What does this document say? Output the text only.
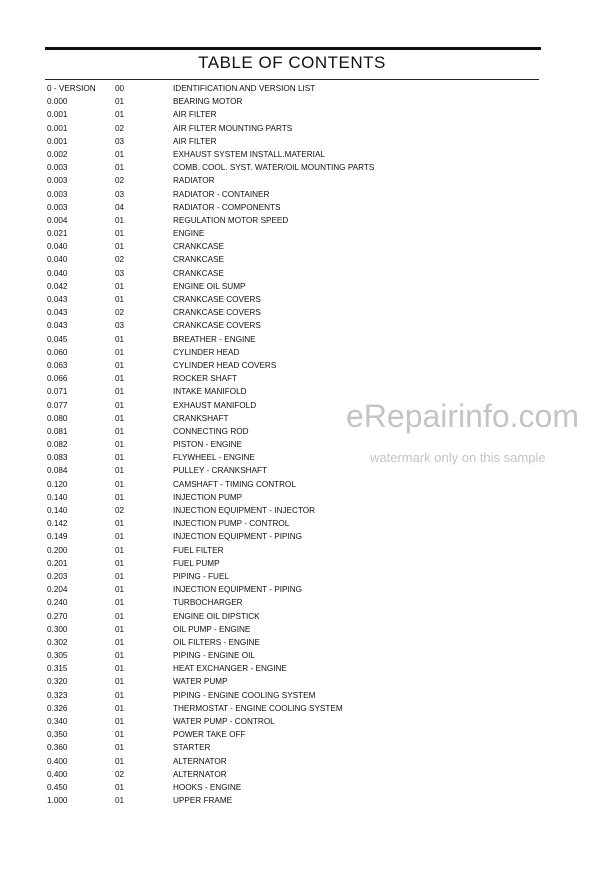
TABLE OF CONTENTS
0 - VERSION	00	IDENTIFICATION AND VERSION LIST
0.000	01	BEARING MOTOR
0.001	01	AIR FILTER
0.001	02	AIR FILTER MOUNTING PARTS
0.001	03	AIR FILTER
0.002	01	EXHAUST SYSTEM INSTALL.MATERIAL
0.003	01	COMB. COOL. SYST. WATER/OIL MOUNTING PARTS
0.003	02	RADIATOR
0.003	03	RADIATOR - CONTAINER
0.003	04	RADIATOR - COMPONENTS
0.004	01	REGULATION MOTOR SPEED
0.021	01	ENGINE
0.040	01	CRANKCASE
0.040	02	CRANKCASE
0.040	03	CRANKCASE
0.042	01	ENGINE OIL SUMP
0.043	01	CRANKCASE COVERS
0.043	02	CRANKCASE COVERS
0.043	03	CRANKCASE COVERS
0.045	01	BREATHER - ENGINE
0.060	01	CYLINDER HEAD
0.063	01	CYLINDER HEAD COVERS
0.066	01	ROCKER SHAFT
0.071	01	INTAKE MANIFOLD
0.077	01	EXHAUST MANIFOLD
0.080	01	CRANKSHAFT
0.081	01	CONNECTING ROD
0.082	01	PISTON - ENGINE
0.083	01	FLYWHEEL - ENGINE
0.084	01	PULLEY - CRANKSHAFT
0.120	01	CAMSHAFT - TIMING CONTROL
0.140	01	INJECTION PUMP
0.140	02	INJECTION EQUIPMENT - INJECTOR
0.142	01	INJECTION PUMP - CONTROL
0.149	01	INJECTION EQUIPMENT - PIPING
0.200	01	FUEL FILTER
0.201	01	FUEL PUMP
0.203	01	PIPING - FUEL
0.204	01	INJECTION EQUIPMENT - PIPING
0.240	01	TURBOCHARGER
0.270	01	ENGINE OIL DIPSTICK
0.300	01	OIL PUMP - ENGINE
0.302	01	OIL FILTERS - ENGINE
0.305	01	PIPING - ENGINE OIL
0.315	01	HEAT EXCHANGER - ENGINE
0.320	01	WATER PUMP
0.323	01	PIPING - ENGINE COOLING SYSTEM
0.326	01	THERMOSTAT - ENGINE COOLING SYSTEM
0.340	01	WATER PUMP - CONTROL
0.350	01	POWER TAKE OFF
0.360	01	STARTER
0.400	01	ALTERNATOR
0.400	02	ALTERNATOR
0.450	01	HOOKS - ENGINE
1.000	01	UPPER FRAME
eRepairinfo.com
watermark only on this sample
